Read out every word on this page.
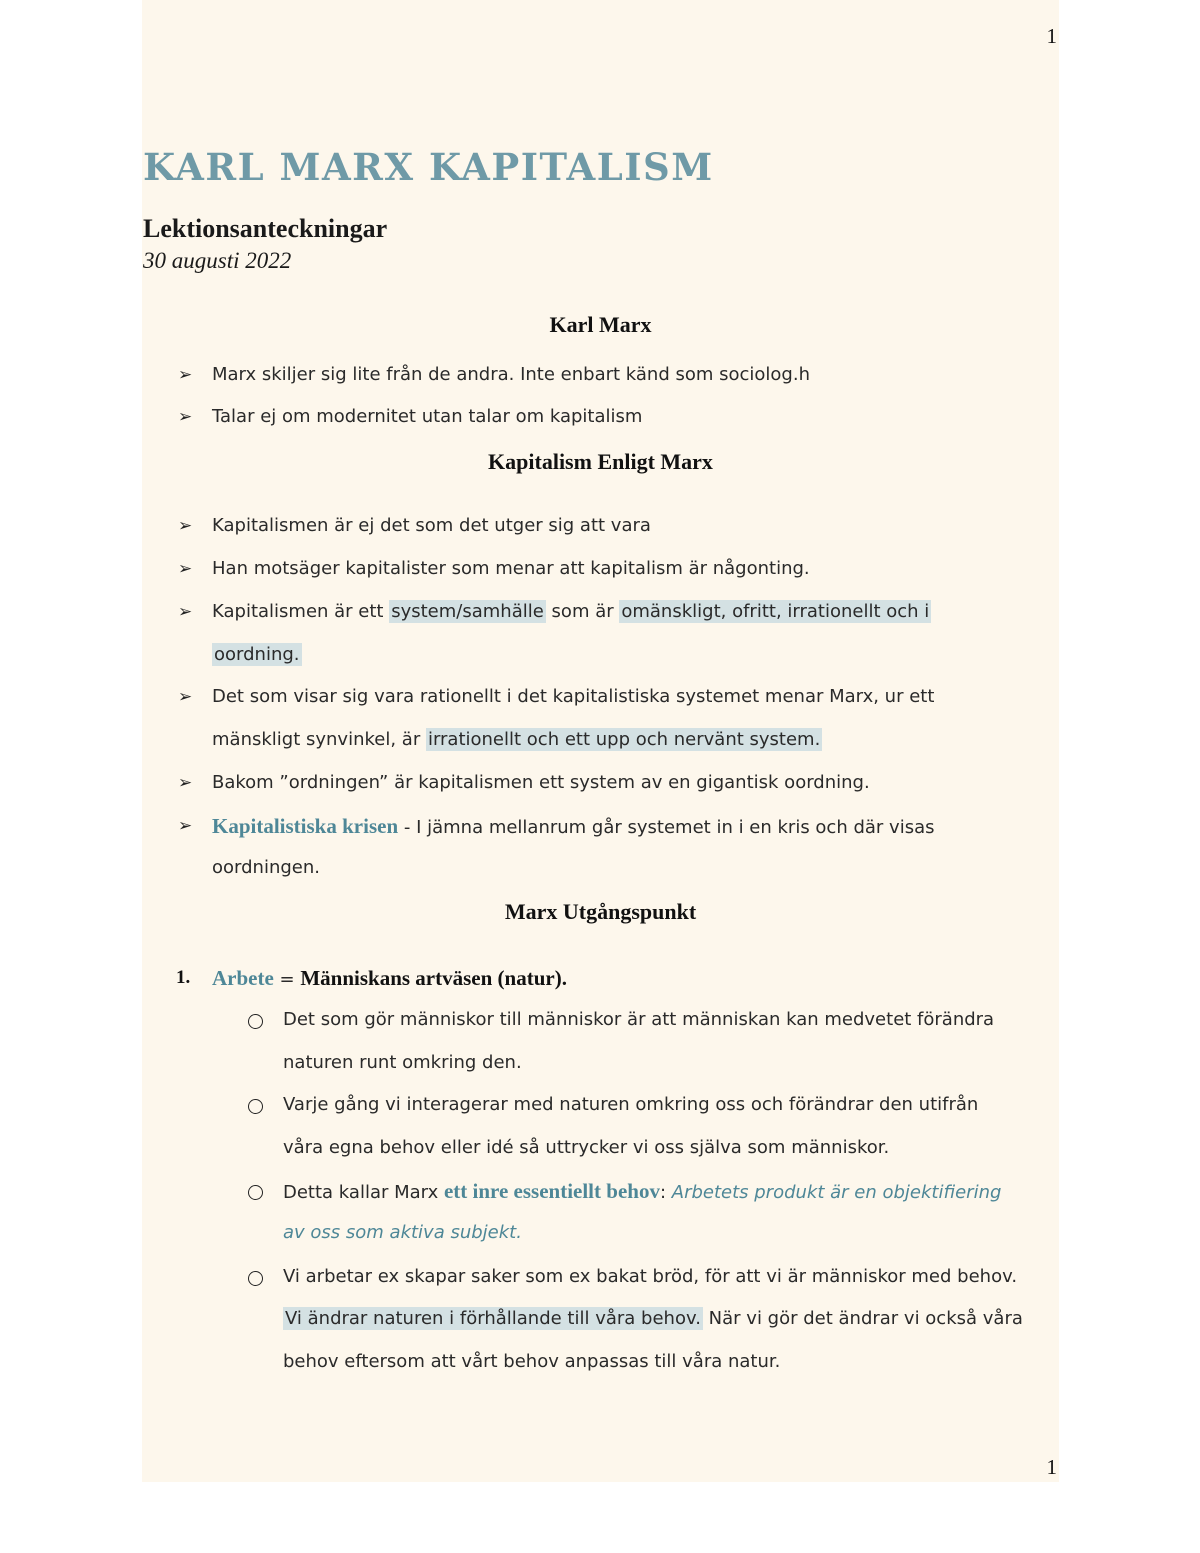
1
KARL MARX KAPITALISM
Lektionsanteckningar
30 augusti 2022
Karl Marx
➢ Marx skiljer sig lite från de andra. Inte enbart känd som sociolog.h
➢ Talar ej om modernitet utan talar om kapitalism
Kapitalism Enligt Marx
➢ Kapitalismen är ej det som det utger sig att vara
➢ Han motsäger kapitalister som menar att kapitalism är någonting.
➢ Kapitalismen är ett system/samhälle som är omänskligt, ofritt, irrationellt och i
oordning.
➢ Det som visar sig vara rationellt i det kapitalistiska systemet menar Marx, ur ett
mänskligt synvinkel, är irrationellt och ett upp och nervänt system.
➢ Bakom ”ordningen” är kapitalismen ett system av en gigantisk oordning.
➢ Kapitalistiska krisen - I jämna mellanrum går systemet in i en kris och där visas
oordningen.
Marx Utgångspunkt
1. Arbete = Människans artväsen (natur).
Det som gör människor till människor är att människan kan medvetet förändra
naturen runt omkring den.
Varje gång vi interagerar med naturen omkring oss och förändrar den utifrån
våra egna behov eller idé så uttrycker vi oss själva som människor.
Detta kallar Marx ett inre essentiellt behov: Arbetets produkt är en objektifiering
av oss som aktiva subjekt.
Vi arbetar ex skapar saker som ex bakat bröd, för att vi är människor med behov.
Vi ändrar naturen i förhållande till våra behov. När vi gör det ändrar vi också våra
behov eftersom att vårt behov anpassas till våra natur.
1
